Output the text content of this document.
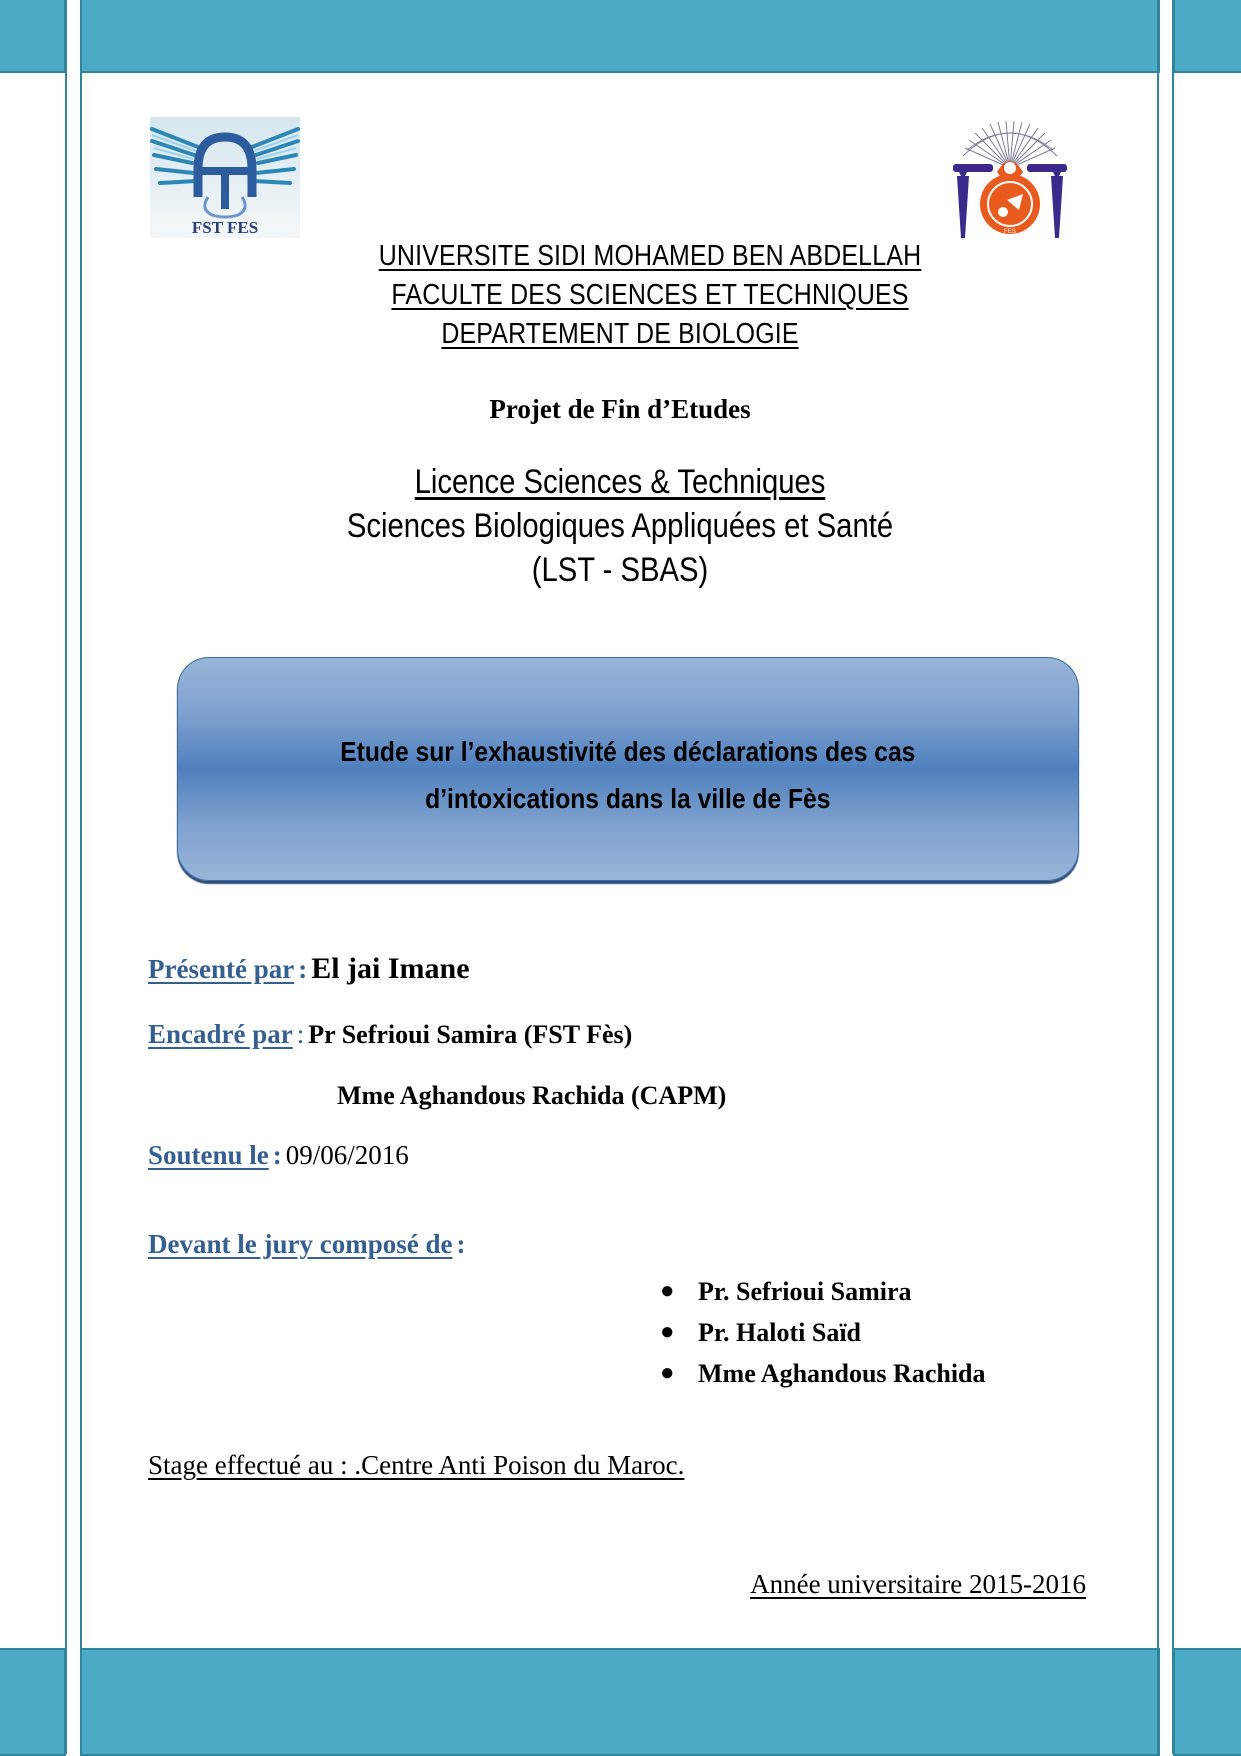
FST FES	FES
UNIVERSITE SIDI MOHAMED BEN ABDELLAH
FACULTE DES SCIENCES ET TECHNIQUES
DEPARTEMENT DE BIOLOGIE
Projet de Fin d’Etudes
Licence Sciences & Techniques
Sciences Biologiques Appliquées et Santé
(LST - SBAS)
Etude sur l’exhaustivité des déclarations des cas
d’intoxications dans la ville de Fès
Présenté par : El jai Imane
Encadré par : Pr Sefrioui Samira (FST Fès)
Mme Aghandous Rachida (CAPM)
Soutenu le : 09/06/2016
Devant le jury composé de :
● Pr. Sefrioui Samira
● Pr. Haloti Saïd
● Mme Aghandous Rachida
Stage effectué au : .Centre Anti Poison du Maroc.
Année universitaire 2015-2016
